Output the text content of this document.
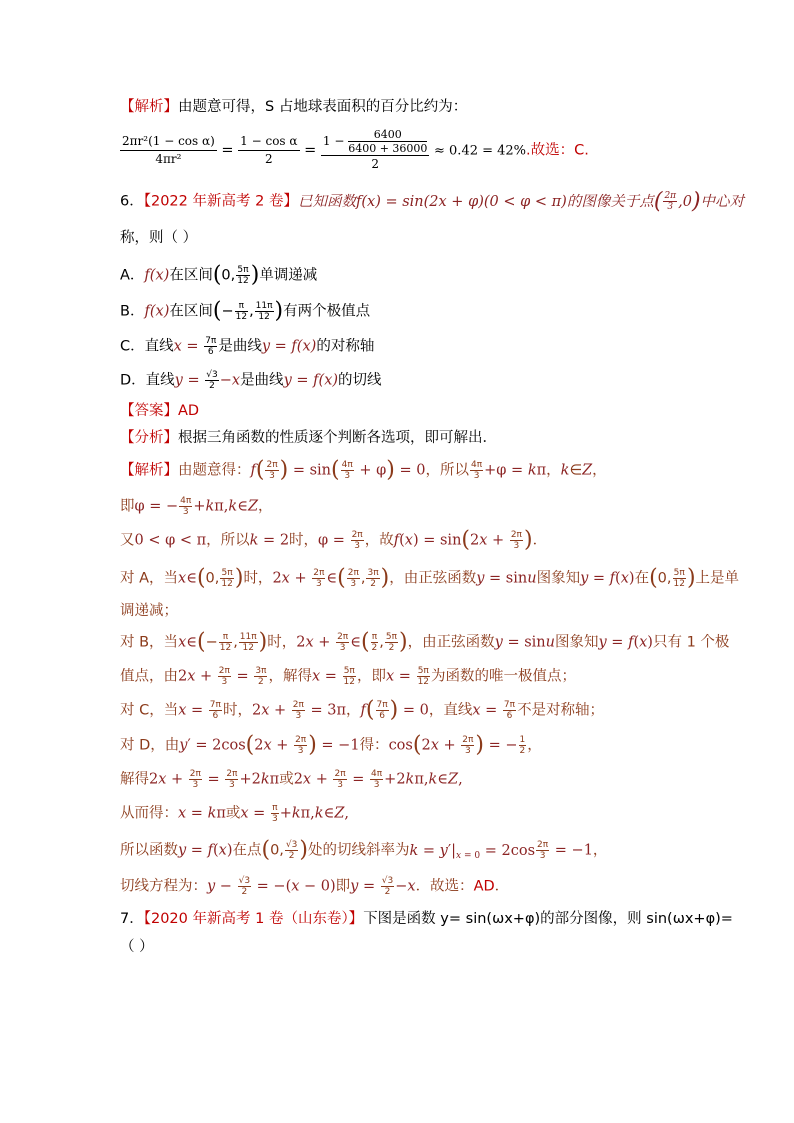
【解析】由题意可得，S 占地球表面积的百分比约为：
$\frac{\text{2πr²(1 − cos α)}}{\text{4πr²}} = \frac{\text{1 − cos α}}{2} = \frac{1 - \frac{6400}{6400 + 36000}}{2} \approx 0.42 = 42\%$.故选：C.
6．【2022 年新高考 2 卷】已知函数f(x) = sin(2x + φ)(0 < φ < π)的图像关于点( $\frac{2\pi}{3} ,0$)中心对
称，则（ ）
A．f(x)在区间(0, $\frac{5\pi}{12}$ )单调递减
B．f(x)在区间(− $\frac{\pi}{12}$ , $\frac{11\pi}{12}$ )有两个极值点
C．直线$x = \frac{7\pi}{6}$ 是曲线y = f(x)的对称轴
D．直线$y = \frac{√3}{2} -x$是曲线y = f(x)的切线
【答案】AD
【分析】根据三角函数的性质逐个判断各选项，即可解出．
【解析】由题意得：$f( \frac{2\pi}{3}$ ) = $\sin( \frac{4\pi}{3} + \varphi) = 0$，所以 $\frac{4\pi}{3} +\varphi = k\pi$，k∈Z，
即φ = − $\frac{4\pi}{3}$ +kπ,k∈Z，
又0 < φ < π，所以k = 2时，$\varphi = \frac{2\pi}{3}$ ，故$f(x) = \sin(2x + \frac{2\pi}{3}$ )．
对 A，当x∈(0, $\frac{5\pi}{12}$ )时，$2x + \frac{2\pi}{3}$ ∈( $\frac{2\pi}{3}$ , $\frac{3\pi}{2}$ )，由正弦函数y = sinu图象知y = f(x)在(0, $\frac{5\pi}{12}$ )上是单
调递减；
对 B，当x∈(− $\frac{\pi}{12}$ , $\frac{11\pi}{12}$ )时，$2x + \frac{2\pi}{3}$ ∈( $\frac{\pi}{2}$ , $\frac{5\pi}{2}$ )，由正弦函数y = sinu图象知y = f(x)只有 1 个极
值点，由$2x + \frac{2\pi}{3} = \frac{3\pi}{2}$ ，解得$x = \frac{5\pi}{12}$ ，即$x = \frac{5\pi}{12}$ 为函数的唯一极值点；
对 C，当$x = \frac{7\pi}{6}$ 时，$2x + \frac{2\pi}{3} = 3\pi$，$f( \frac{7\pi}{6}$ ) = 0，直线$x = \frac{7\pi}{6}$ 不是对称轴；
对 D，由$y' = 2\cos(2x + \frac{2\pi}{3}$ ) = −1得：$\cos(2x + \frac{2\pi}{3}$ ) = − $\frac{1}{2}$ ，
解得$2x + \frac{2\pi}{3} = \frac{2\pi}{3} +2k\pi$或$2x + \frac{2\pi}{3} = \frac{4\pi}{3}$ +2kπ,k∈Z,
从而得：x = kπ或$x = \frac{\pi}{3}$ +kπ,k∈Z,
所以函数y = f(x)在点(0, $\frac{√3}{2}$ )处的切线斜率为$k = y'|_{x = 0} = 2\cos \frac{2\pi}{3} = -1$，
切线方程为：$y - \frac{√3}{2} = -(x - 0)$即$y = \frac{√3}{2} -x$．故选：AD．
7．【2020 年新高考 1 卷（山东卷）】下图是函数 y= sin(ωx+φ)的部分图像，则 sin(ωx+φ)=
（ ）
